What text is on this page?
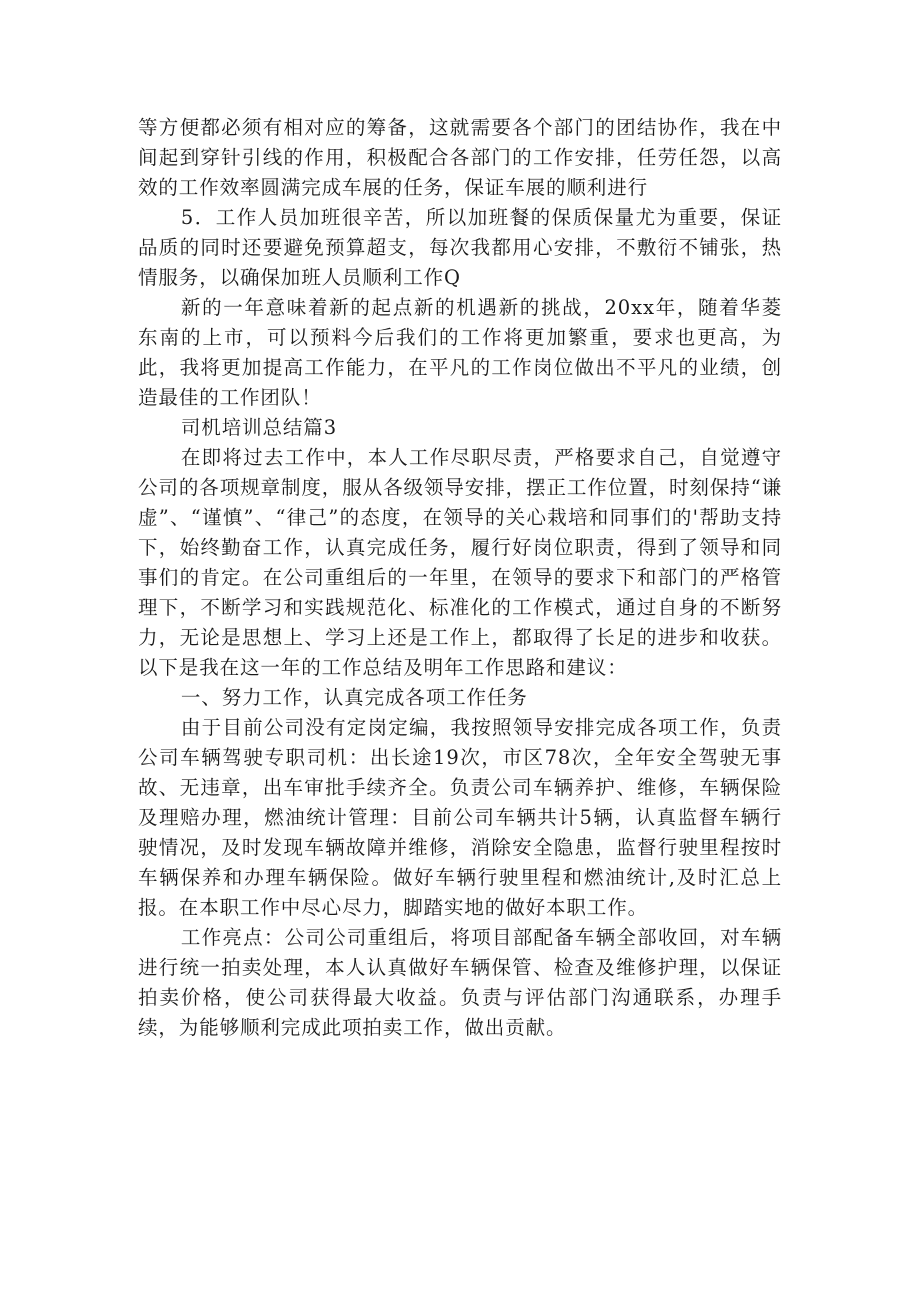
等方便都必须有相对应的筹备，这就需要各个部门的团结协作，我在中间起到穿针引线的作用，积极配合各部门的工作安排，任劳任怨，以高效的工作效率圆满完成车展的任务，保证车展的顺利进行

5．工作人员加班很辛苦，所以加班餐的保质保量尤为重要，保证品质的同时还要避免预算超支，每次我都用心安排，不敷衍不铺张，热情服务，以确保加班人员顺利工作Q

新的一年意味着新的起点新的机遇新的挑战，20xx年，随着华菱东南的上市，可以预料今后我们的工作将更加繁重，要求也更高，为此，我将更加提高工作能力，在平凡的工作岗位做出不平凡的业绩，创造最佳的工作团队！

司机培训总结篇3

在即将过去工作中，本人工作尽职尽责，严格要求自己，自觉遵守公司的各项规章制度，服从各级领导安排，摆正工作位置，时刻保持“谦虚”、“谨慎”、“律己”的态度，在领导的关心栽培和同事们的'帮助支持下，始终勤奋工作，认真完成任务，履行好岗位职责，得到了领导和同事们的肯定。在公司重组后的一年里，在领导的要求下和部门的严格管理下，不断学习和实践规范化、标准化的工作模式，通过自身的不断努力，无论是思想上、学习上还是工作上，都取得了长足的进步和收获。以下是我在这一年的工作总结及明年工作思路和建议：

一、努力工作，认真完成各项工作任务

由于目前公司没有定岗定编，我按照领导安排完成各项工作，负责公司车辆驾驶专职司机：出长途19次，市区78次，全年安全驾驶无事故、无违章，出车审批手续齐全。负责公司车辆养护、维修，车辆保险及理赔办理，燃油统计管理：目前公司车辆共计5辆，认真监督车辆行驶情况，及时发现车辆故障并维修，消除安全隐患，监督行驶里程按时车辆保养和办理车辆保险。做好车辆行驶里程和燃油统计,及时汇总上报。在本职工作中尽心尽力，脚踏实地的做好本职工作。

工作亮点：公司公司重组后，将项目部配备车辆全部收回，对车辆进行统一拍卖处理，本人认真做好车辆保管、检查及维修护理，以保证拍卖价格，使公司获得最大收益。负责与评估部门沟通联系，办理手续，为能够顺利完成此项拍卖工作，做出贡献。
